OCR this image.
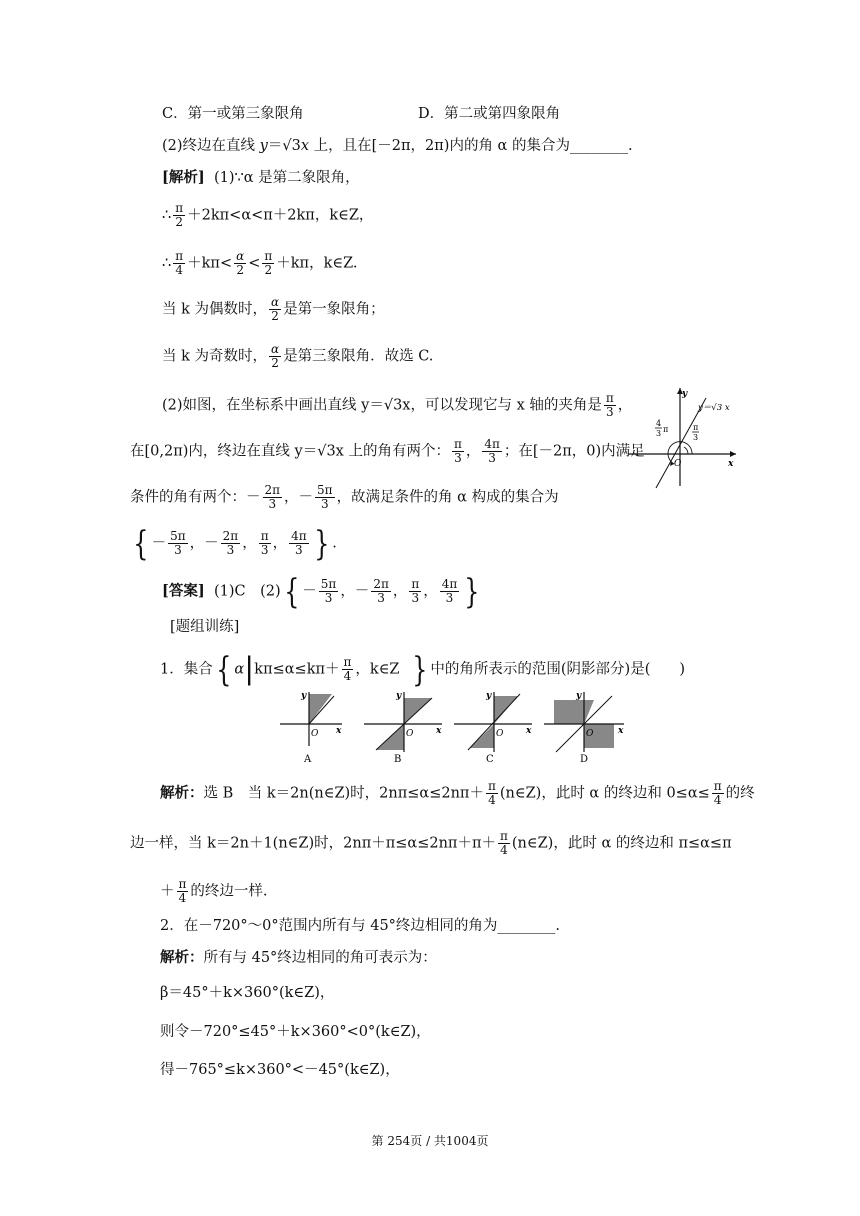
C．第一或第三象限角	D．第二或第四象限角
(2)终边在直线 y＝√3x 上，且在[－2π，2π)内的角 α 的集合为________.
[解析] (1)∵α 是第二象限角，
∴ $\frac{\pi}{2} +2k\pi<\alpha<\pi+2k\pi$，k∈Z，
∴ $\frac{\pi}{4} +k\pi< \frac{\alpha}{2} < \frac{\pi}{2} +k\pi$，k∈Z.
当 k 为偶数时， $\frac{\alpha}{2}$ 是第一象限角；
当 k 为奇数时， $\frac{\alpha}{2}$ 是第三象限角．故选 C.
(2)如图，在坐标系中画出直线 y＝√3x，可以发现它与 x 轴的夹角是 $\frac{\pi}{3}$ ，
在[0,2π)内，终边在直线 y＝√3x 上的角有两个： $\frac{\pi}{3}$ ， $\frac{4\pi}{3}$ ；在[－2π，0)内满足
条件的角有两个：－ $\frac{2\pi}{3}$ ，－ $\frac{5\pi}{3}$ ，故满足条件的角 α 构成的集合为
{ － $\frac{5\pi}{3}$ ，－ $\frac{2\pi}{3}$ ， $\frac{\pi}{3}$ ， $\frac{4\pi}{3}$ } .
[答案] (1)C　$(2)\{ - \frac{5\pi}{3}$ ，－ $\frac{2\pi}{3}$ ， $\frac{\pi}{3}$ ， $\frac{4\pi}{3}$ }
[题组训练]
1．集合{ $\alpha|k\pi\le\alpha\le k\pi+ \frac{\pi}{4}$ ，k∈Z } 中的角所表示的范围(阴影部分)是(　　)
y
x
O
A
y
x
O
B
y
x
O
C
y
x
O
D
解析：选 B　当 k＝2n(n∈Z)时，$2n\pi\le\alpha\le 2n\pi+ \frac{\pi}{4}$ (n∈Z)，此时 α 的终边和 $0\le\alpha\le \frac{\pi}{4}$ 的终
边一样，当 k＝2n＋1(n∈Z)时，$2n\pi+\pi\le\alpha\le 2n\pi+\pi+ \frac{\pi}{4}$ (n∈Z)，此时 α 的终边和 π≤α≤π
＋ $\frac{\pi}{4}$ 的终边一样.
2．在－720°～0°范围内所有与 45°终边相同的角为________.
解析：所有与 45°终边相同的角可表示为：
β＝45°＋k×360°(k∈Z)，
则令－720°≤45°＋k×360°<0°(k∈Z)，
得－765°≤k×360°<－45°(k∈Z)，
y
x
O
y＝√3 x
4
3 π	π
3
第 254页 / 共1004页
